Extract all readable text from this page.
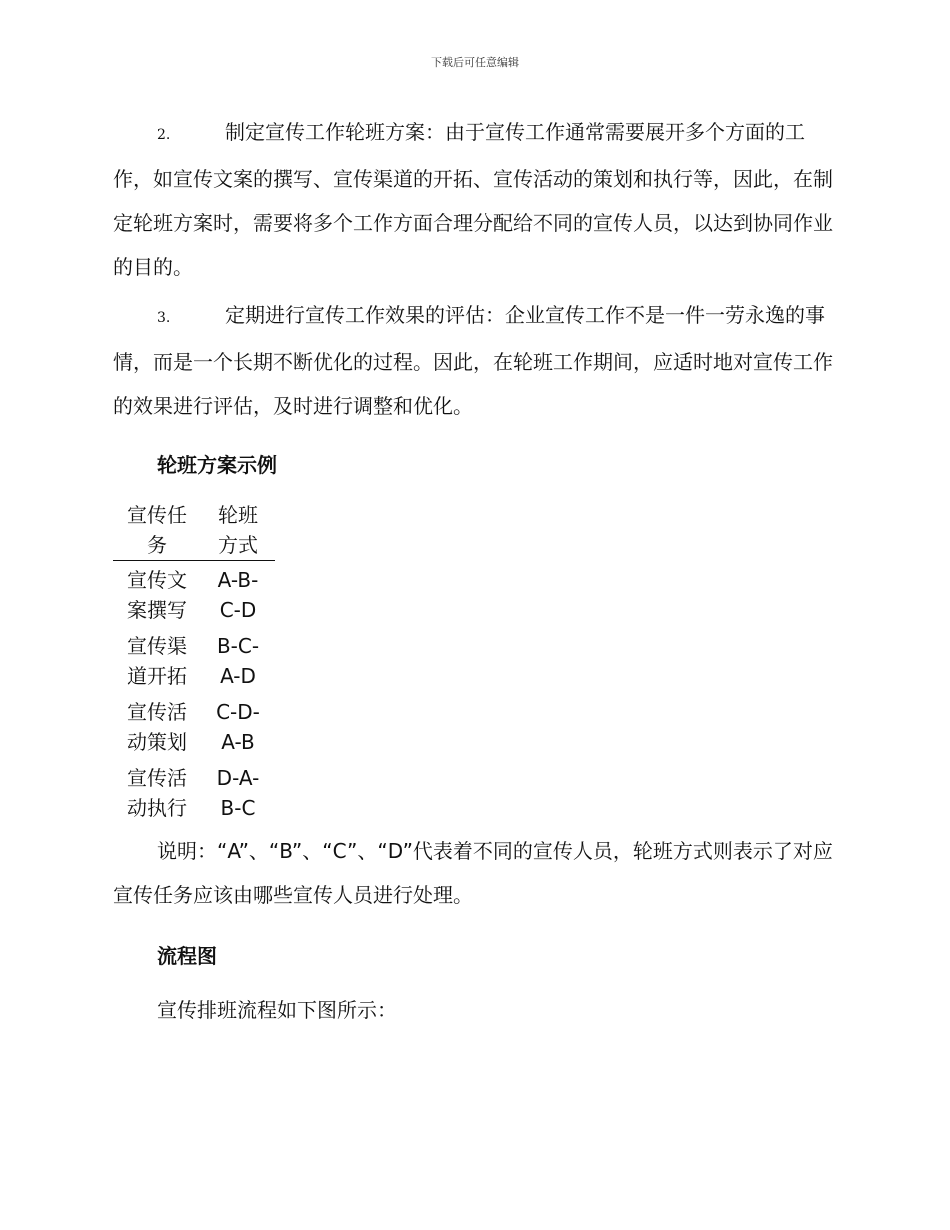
下载后可任意编辑

2.	制定宣传工作轮班方案：由于宣传工作通常需要展开多个方面的工作，如宣传文案的撰写、宣传渠道的开拓、宣传活动的策划和执行等，因此，在制定轮班方案时，需要将多个工作方面合理分配给不同的宣传人员，以达到协同作业的目的。

3.	定期进行宣传工作效果的评估：企业宣传工作不是一件一劳永逸的事情，而是一个长期不断优化的过程。因此，在轮班工作期间，应适时地对宣传工作的效果进行评估，及时进行调整和优化。

轮班方案示例

宣传任务	轮班方式

宣传文案撰写	A-B-C-D

宣传渠道开拓	B-C-A-D

宣传活动策划	C-D-A-B

宣传活动执行	D-A-B-C

说明：“A”、“B”、“C”、“D”代表着不同的宣传人员，轮班方式则表示了对应宣传任务应该由哪些宣传人员进行处理。

流程图

宣传排班流程如下图所示：
